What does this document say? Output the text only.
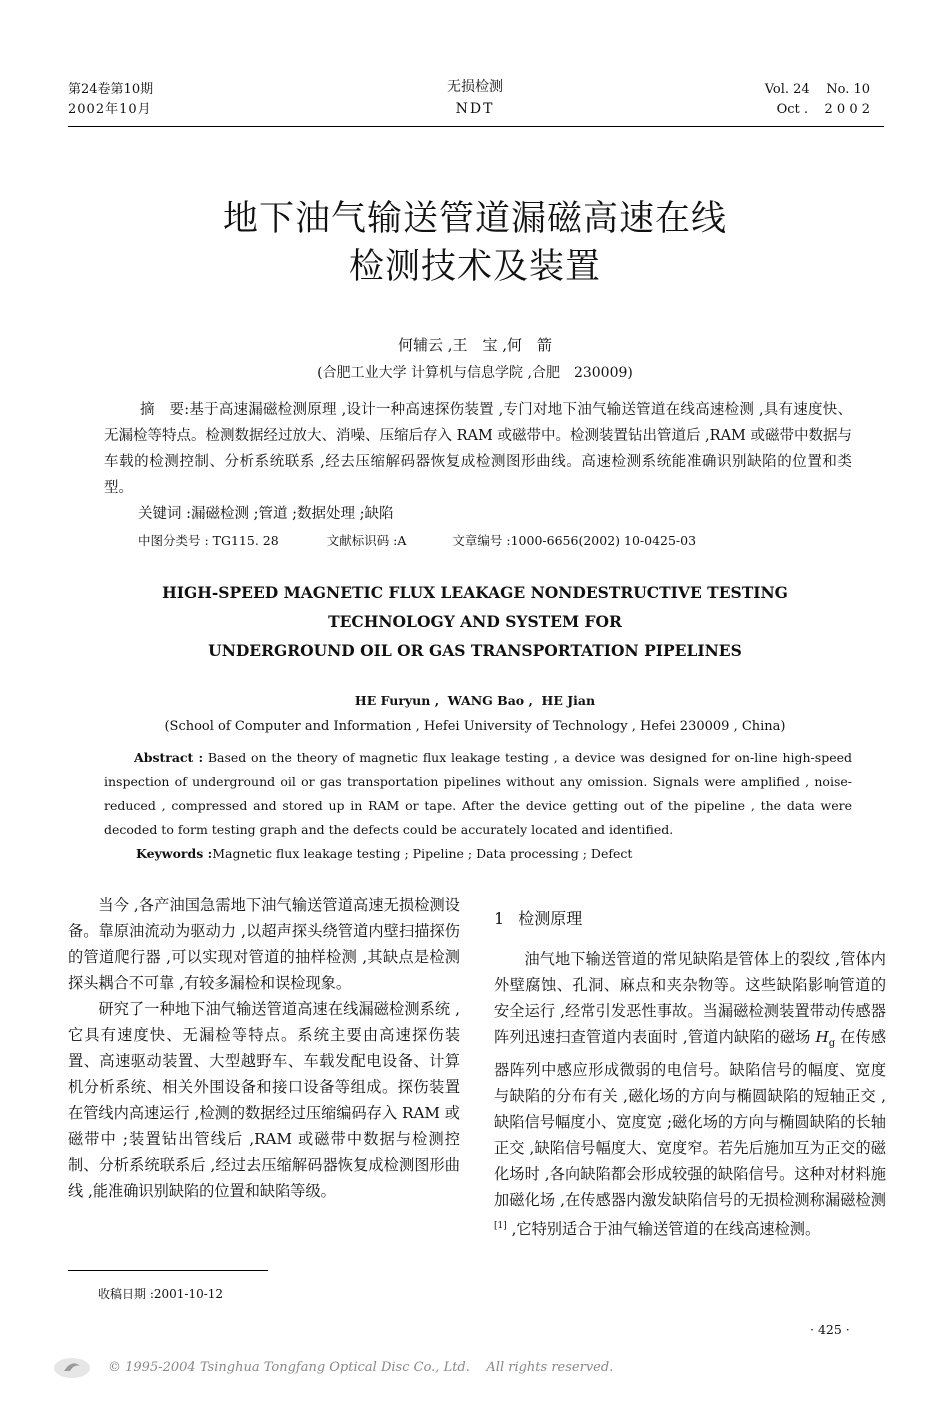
第24卷第10期
2002年10月
无损检测
NDT
Vol. 24    No. 10
Oct .    2 0 0 2
地下油气输送管道漏磁高速在线
检测技术及装置
何辅云 ,王　宝 ,何　箭
(合肥工业大学 计算机与信息学院 ,合肥　230009)
摘　要:基于高速漏磁检测原理 ,设计一种高速探伤装置 ,专门对地下油气输送管道在线高速检测 ,具有速度快、无漏检等特点。检测数据经过放大、消噪、压缩后存入 RAM 或磁带中。检测装置钻出管道后 ,RAM 或磁带中数据与车载的检测控制、分析系统联系 ,经去压缩解码器恢复成检测图形曲线。高速检测系统能准确识别缺陷的位置和类型。
关键词 :漏磁检测 ;管道 ;数据处理 ;缺陷
中图分类号 : TG115. 28	文献标识码 :A	文章编号 :1000-6656(2002) 10-0425-03
HIGH-SPEED MAGNETIC FLUX LEAKAGE NONDESTRUCTIVE TESTING
TECHNOLOGY AND SYSTEM FOR
UNDERGROUND OIL OR GAS TRANSPORTATION PIPELINES
HE Furyun ,  WANG Bao ,  HE Jian
(School of Computer and Information , Hefei University of Technology , Hefei 230009 , China)
Abstract : Based on the theory of magnetic flux leakage testing , a device was designed for on-line high-speed inspection of underground oil or gas transportation pipelines without any omission. Signals were amplified , noise-reduced , compressed and stored up in RAM or tape. After the device getting out of the pipeline , the data were decoded to form testing graph and the defects could be accurately located and identified.
Keywords :Magnetic flux leakage testing ; Pipeline ; Data processing ; Defect

当今 ,各产油国急需地下油气输送管道高速无损检测设备。靠原油流动为驱动力 ,以超声探头绕管道内壁扫描探伤的管道爬行器 ,可以实现对管道的抽样检测 ,其缺点是检测探头耦合不可靠 ,有较多漏检和误检现象。

研究了一种地下油气输送管道高速在线漏磁检测系统 ,它具有速度快、无漏检等特点。系统主要由高速探伤装置、高速驱动装置、大型越野车、车载发配电设备、计算机分析系统、相关外围设备和接口设备等组成。探伤装置在管线内高速运行 ,检测的数据经过压缩编码存入 RAM 或磁带中 ;装置钻出管线后 ,RAM 或磁带中数据与检测控制、分析系统联系后 ,经过去压缩解码器恢复成检测图形曲线 ,能准确识别缺陷的位置和缺陷等级。

收稿日期 :2001-10-12
1 检测原理

油气地下输送管道的常见缺陷是管体上的裂纹 ,管体内外壁腐蚀、孔洞、麻点和夹杂物等。这些缺陷影响管道的安全运行 ,经常引发恶性事故。当漏磁检测装置带动传感器阵列迅速扫查管道内表面时 ,管道内缺陷的磁场 $H_g$ 在传感器阵列中感应形成微弱的电信号。缺陷信号的幅度、宽度与缺陷的分布有关 ,磁化场的方向与椭圆缺陷的短轴正交 ,缺陷信号幅度小、宽度宽 ;磁化场的方向与椭圆缺陷的长轴正交 ,缺陷信号幅度大、宽度窄。若先后施加互为正交的磁化场时 ,各向缺陷都会形成较强的缺陷信号。这种对材料施加磁化场 ,在传感器内激发缺陷信号的无损检测称漏磁检测[1] ,它特别适合于油气输送管道的在线高速检测。

· 425 ·
© 1995-2004 Tsinghua Tongfang Optical Disc Co., Ltd.    All rights reserved.
